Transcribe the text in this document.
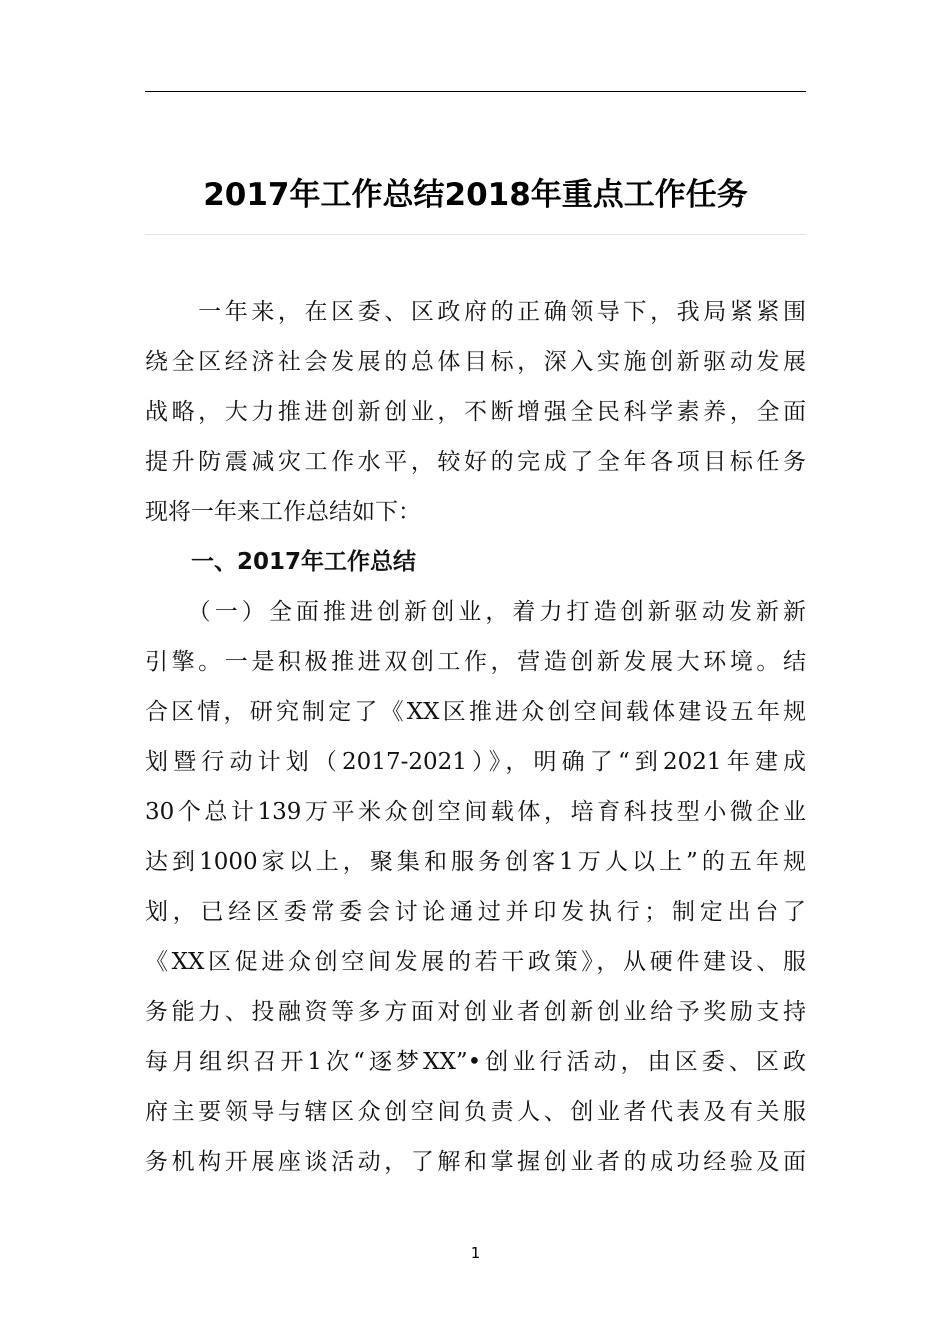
2017年工作总结2018年重点工作任务
　　一年来，在区委、区政府的正确领导下，我局紧紧围
绕全区经济社会发展的总体目标，深入实施创新驱动发展
战略，大力推进创新创业，不断增强全民科学素养，全面
提升防震减灾工作水平，较好的完成了全年各项目标任务
现将一年来工作总结如下：
　　一、2017年工作总结
　　（一）全面推进创新创业，着力打造创新驱动发新新
引擎。一是积极推进双创工作，营造创新发展大环境。结
合区情，研究制定了《XX区推进众创空间载体建设五年规
划暨行动计划（2017-2021）》，明确了“到2021年建成
30个总计139万平米众创空间载体，培育科技型小微企业
达到1000家以上，聚集和服务创客1万人以上”的五年规
划，已经区委常委会讨论通过并印发执行；制定出台了
《XX区促进众创空间发展的若干政策》，从硬件建设、服
务能力、投融资等多方面对创业者创新创业给予奖励支持
每月组织召开1次“逐梦XX”•创业行活动，由区委、区政
府主要领导与辖区众创空间负责人、创业者代表及有关服
务机构开展座谈活动，了解和掌握创业者的成功经验及面
1
